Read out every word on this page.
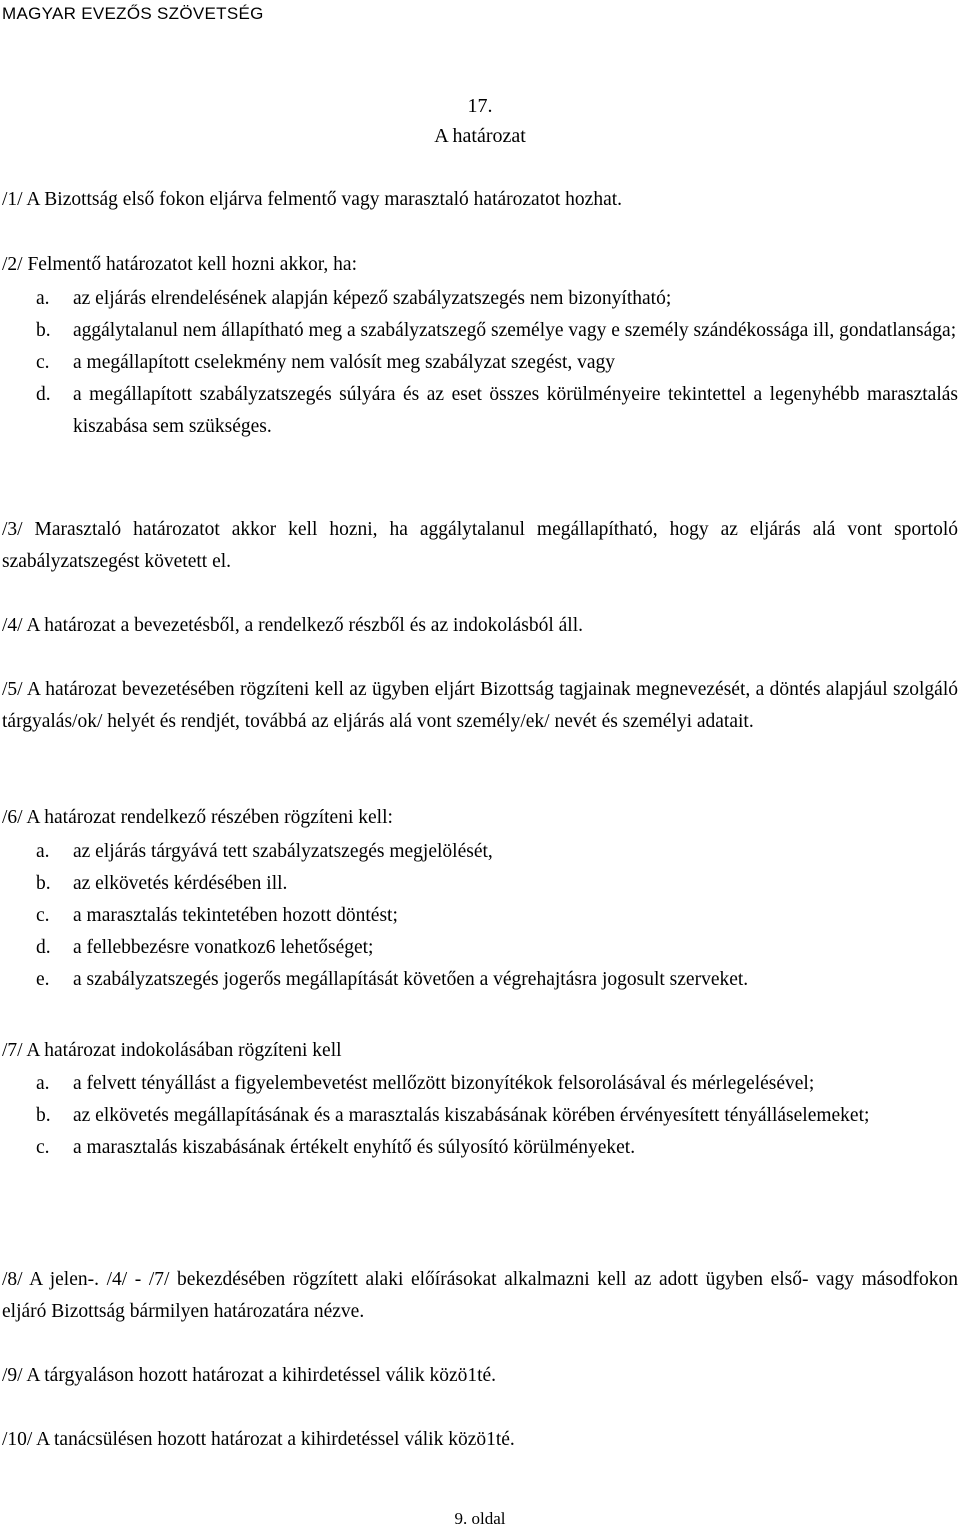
MAGYAR EVEZŐS SZÖVETSÉG
17.
A határozat
/1/ A Bizottság első fokon eljárva felmentő vagy marasztaló határozatot hozhat.
/2/ Felmentő határozatot kell hozni akkor, ha:
a. az eljárás elrendelésének alapján képező szabályzatszegés nem bizonyítható;
b. aggálytalanul nem állapítható meg a szabályzatszegő személye vagy e személy szándékossága ill, gondatlansága;
c. a megállapított cselekmény nem valósít meg szabályzat szegést, vagy
d. a megállapított szabályzatszegés súlyára és az eset összes körülményeire tekintettel a legenyhébb marasztalás kiszabása sem szükséges.
/3/ Marasztaló határozatot akkor kell hozni, ha aggálytalanul megállapítható, hogy az eljárás alá vont sportoló szabályzatszegést követett el.
/4/ A határozat a bevezetésből, a rendelkező részből és az indokolásból áll.
/5/ A határozat bevezetésében rögzíteni kell az ügyben eljárt Bizottság tagjainak megnevezését, a döntés alapjául szolgáló tárgyalás/ok/ helyét és rendjét, továbbá az eljárás alá vont személy/ek/ nevét és személyi adatait.
/6/ A határozat rendelkező részében rögzíteni kell:
a. az eljárás tárgyává tett szabályzatszegés megjelölését,
b. az elkövetés kérdésében ill.
c. a marasztalás tekintetében hozott döntést;
d. a fellebbezésre vonatkoz6 lehetőséget;
e. a szabályzatszegés jogerős megállapítását követően a végrehajtásra jogosult szerveket.
/7/ A határozat indokolásában rögzíteni kell
a. a felvett tényállást a figyelembevetést mellőzött bizonyítékok felsorolásával és mérlegelésével;
b. az elkövetés megállapításának és a marasztalás kiszabásának körében érvényesített tényálláselemeket;
c. a marasztalás kiszabásának értékelt enyhítő és súlyosító körülményeket.
/8/ A jelen-. /4/ - /7/ bekezdésében rögzített alaki előírásokat alkalmazni kell az adott ügyben első- vagy másodfokon eljáró Bizottság bármilyen határozatára nézve.
/9/ A tárgyaláson hozott határozat a kihirdetéssel válik közö1té.
/10/ A tanácsülésen hozott határozat a kihirdetéssel válik közö1té.
9. oldal
